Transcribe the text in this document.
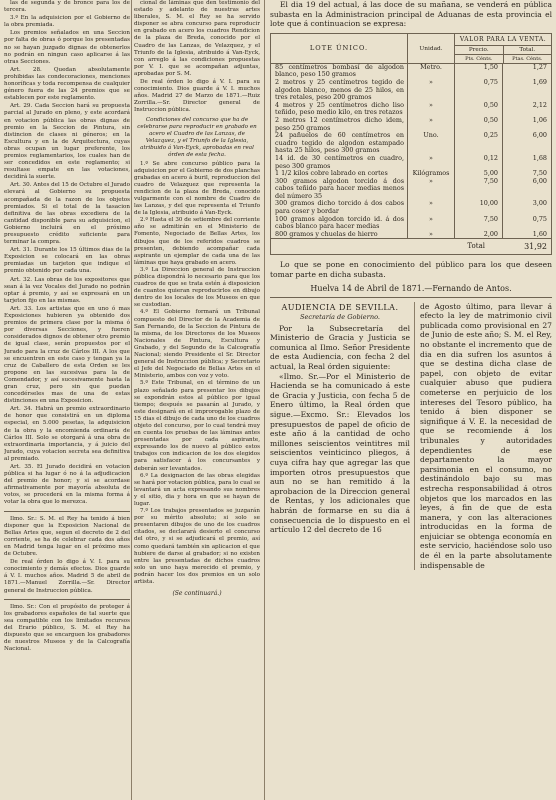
las de segunda y de bronce para los de tercera.

3.º En la adquisicion por el Gobierno de la obra premiada.

Los premios señalados en una Seccion por falta de obras ó porque los presentadas no se hayan juzgado dignas de obtenerlos no podrán en ningun caso aplicarse á las otras Secciones.

Art. 28. Quedan absolutamente prohibidas las condecoraciones, menciones honoríficas y toda recompensa de cualquier género fuera de las 24 premios que se establecen por este reglamento.

Art. 29. Cada Seccion hará su propuesta parcial al Jurado en pleno, y este acordará en votacion pública las obras dignas de premio en la Seccion de Pintura, sin distincion de clases ni géneros; en la Escultura y en la de Arquitectura, cuyas obras ocupan un lugar preferente, los premios reglamentarios, los cuales han de ser concedidos en este reglamento; si resultase empate en las votaciones, decidirá la suerte.

Art. 30. Antes del 15 de Octubre el Jurado elevará al Gobierno su propuesta acompañada de la razon de los objetos premiados. Si el total de la tasacion definitiva de las obras excediera de la cantidad disponible para su adquisicion, el Gobierno incluirá en el próximo presupuesto crédito suficiente para terminar la compra.

Art. 31. Durante los 15 últimos dias de la Exposicion se colocará en las obras premiadas un tarjeton que indique el premio obtenido por cada una.

Art. 32. Las obras de los expositores que sean á la vez Vocales del Jurado no podrán optar á premio, y así se expresará en un tarjeton fijo en las mismas.

Art. 33. Los artistas que en uno ó mas Exposiciones hubieren ya obtenido dos premios de primera clase por la misma ó por diversas Secciones, y fueren considerados dignos de obtener otro premio de igual clase, serán propuestos por el Jurado para la cruz de Cárlos III. A los que se encuentren en este caso y tengan ya la cruz de Caballero de esta Orden se les propone en las sucesivas para la de Comendador, y así sucesivamente hasta la gran cruz, pero sin que puedan concedérseles mas de una de estas distinciones en una Exposicion.

Art. 34. Habrá un premio extraordinario de honor que consistirá en un diploma especial, en 5.000 pesetas, la adquisicion de la obra y la encomienda ordinaria de Cárlos III. Solo se otorgará á una obra de extraordinaria importancia, y á juicio del Jurado, cuya votacion secreta sea definitiva al premiado.

Art. 35. El Jurado decidirá en votacion pública si ha lugar ó no á la adjudicacion del premio de honor; y si se acordase afirmativamente por mayoría absoluta de votos, se procederá en la misma forma á votar la obra que lo merezca.

Ilmo. Sr.: S. M. el Rey ha tenido á bien disponer que la Exposicion Nacional de Bellas Artes que, segun el decreto de 2 del corriente, se ha de celebrar cada dos años en Madrid tenga lugar en el próximo mes de Octubre.

De real órden lo digo á V. I. para su conocimiento y demás efectos. Dios guarde á V. I. muchos años. Madrid 5 de abril de 1871.—Manuel Zorrilla.—Sr. Director general de Instruccion pública.

Ilmo. Sr.: Con el propósito de proteger á los grabadores españoles de tal suerte que sea compatible con los limitados recursos del Erario público, S. M. el Rey ha dispuesto que se encarguen los grabadores de nuestros Museos y de la Calcografía Nacional.

cional de láminas que den testimonio del estado y adelanto de nuestras artes liberales, S. M. el Rey se ha servido disponer se abra concurso para reproducir en grabado en acero los cuadros Rendicion de la plaza de Breda, conocido por el Cuadro de las Lanzas, de Velazquez, y el Triunfo de la Iglesia, atribuido á Van-Eyck, con arreglo á las condiciones propuestas por V. I. que se acompañan adjuntas, aprobadas por S. M.

De real órden lo digo á V. I. para su conocimiento. Dios guarde á V. I. muchos años. Madrid 27 de Marzo de 1871.—Ruiz Zorrilla.—Sr. Director general de Instruccion pública.

Condiciones del concurso que ha de celebrarse para reproducir en grabado en acero el Cuadro de las Lanzas, de Velazquez, y el Triunfo de la Iglesia, atribuido á Van-Eyck, aprobadas en real órden de esta fecha.

1.º Se abre concurso público para la adquisicion por el Gobierno de dos planchas grabadas en acero á buril, reproduccion del cuadro de Velazquez que representa la rendicion de la plaza de Breda, conocido vulgarmente con el nombre de Cuadro de las Lanzas, y del que representa el Triunfo de la Iglesia, atribuido á Van-Eyck.

2.º Hasta el 30 de setiembre del corriente año se admitirán en el Ministerio de Fomento, Negociado de Bellas Artes, los dibujos que de los referidos cuadros se presenten, debiendo acompañar cada aspirante un ejemplar de cada una de las láminas que haya grabado en acero.

3.º La Direccion general de Instruccion pública dispondrá lo necesario para que los cuadros de que se trata estén á disposicion de cuantos quieran reproducirlos en dibujo dentro de los locales de los Museos en que se custodian.

4.º El Gobierno formará un Tribunal compuesto del Director de la Academia de San Fernando, de la Seccion de Pintura de la misma, de los Directores de los Museos Nacionales de Pintura, Escultura y Grabado, y del Segundo de la Calcografía Nacional; siendo Presidente el Sr. Director general de Instruccion pública; y Secretario el Jefe del Negociado de Bellas Artes en el Ministerio, ambos con voz y voto.

5.º Este Tribunal, en el término de un plazo señalado para presentar los dibujos se expondrán estos al público por igual tiempo; después se pasarán al Jurado, y este designará en el improrogable plazo de 15 dias el dibujo de cada uno de los cuadros objeto del concurso, por lo cual tendrá muy en cuenta los pruebas de las láminas antes presentadas por cada aspirante, expresando los de nuevo al público estos trabajos con indicacion de los dos elegidos para satisfacer á los concursantes y deberán ser levantados.

6.º La designacion de las obras elegidas se hará por votacion pública, para lo cual se levantará un acta expresando sus nombres y el sitio, dia y hora en que se hayan de lugar.

7.º Los trabajos presentados se juzgarán por su mérito absoluto; si solo se presentaren dibujos de uno de los cuadros citados, se declarará desierto el concurso del otro, y si se adjudicará el premio, así como quedará también sin aplicacion el que hubiere de darse al grabador; si no existen entre las presentadas de dichos cuadros solo un uno haya merecido el premio, y podrán hacer los dos premios en un solo artista.

(Se continuará.)

El dia 19 del actual, á las doce de su mañana, se venderá en pública subasta en la Administracion principal de Aduanas de esta provincia el lote que á continuacion se expresa:

LOTE ÚNICO.	Unidad.
VALOR PARA LA VENTA.
Precio.	Total.
Pts. Cénts.	Ptas. Cénts.
85 centímetros bombasí de algodon blanco, peso 150 gramos
Metro.	1,50	1,27
2 metros y 25 centímetros tegido de algodon blanco, menos de 25 hilos, en tres retales, peso 200 gramos
»	0,75	1,69
4 metros y 25 centímetros dicho liso teñido, peso medio kilo, en tres retazos
»	0,50	2,12
2 metros 12 centímetros dicho idem, peso 250 gramos
»	0,50	1,06
24 pañuelos de 60 centímetros en cuadro tegido de algodon estampado hasta 25 hilos, peso 300 gramos
Uno.	0,25	6,00
14 id. de 30 centímetros en cuadro, peso 300 gramos
»	0,12	1,68
1 1/2 kilos cobre labrado en cortes	Kilógramos	5,00	7,50
300 gramos algodon torcido á dos cabos teñido para hacer medias menos del número 35
»	7,50	6,00
300 gramos dicho torcido á dos cabos para coser y bordar
»	10,00	3,00
100 gramos algodon torcido id. á dos cabos blanco para hacer medias
»	7,50	0,75
800 gramos y chuelas de hierro	»	2,00	1,60
Total	31,92

Lo que se pone en conocimiento del público para los que deseen tomar parte en dicha subasta.

Huelva 14 de Abril de 1871.—Fernando de Antos.

AUDIENCIA DE SEVILLA.

Secretaría de Gobierno.

Por la Subsecretaría del Ministerio de Gracia y Justicia se comunica al Ilmo. Señor Presidente de esta Audiencia, con fecha 2 del actual, la Real órden siguiente:

«Ilmo. Sr.—Por el Ministerio de Hacienda se ha comunicado á este de Gracia y Justicia, con fecha 5 de Enero último, la Real órden que sigue.—Excmo. Sr.: Elevados los presupuestos de papel de oficio de este año á la cantidad de ocho millones seiscientos veintitres mil seiscientos veinticinco pliegos, á cuya cifra hay que agregar las que importen otros presupuestos que aun no se han remitido á la aprobacion de la Direccion general de Rentas, y los adicionales que habrán de formarse en su dia á consecuencia de lo dispuesto en el artículo 12 del decreto de 16

de Agosto último, para llevar á efecto la ley de matrimonio civil publicada como provisional en 27 de Junio de este año; S. M. el Rey, no obstante el incremento que de dia en dia sufren los asuntos á que se destina dicha clase de papel, con objeto de evitar cualquier abuso que pudiera cometerse en perjuicio de los intereses del Tesoro público, ha tenido á bien disponer se signifique á V. E. la necesidad de que se recomiende á los tribunales y autoridades dependientes de ese departamento la mayor parsimonia en el consumo, no destinándolo bajo su mas estrecha responsabilidad á otros objetos que los marcados en las leyes, á fin de que de esta manera, y con las alteraciones introducidas en la forma de enjuiciar se obtenga economía en este servicio, haciéndose solo uso de él en la parte absolutamente indispensable de
